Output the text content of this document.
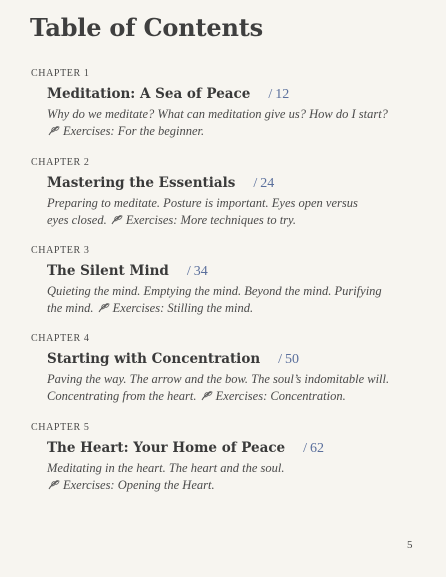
Table of Contents
CHAPTER 1
Meditation: A Sea of Peace / 12
Why do we meditate? What can meditation give us? How do I start?

Exercises: For the beginner.
CHAPTER 2
Mastering the Essentials / 24
Preparing to meditate. Posture is important. Eyes open versus
eyes closed. Exercises: More techniques to try.
CHAPTER 3
The Silent Mind / 34
Quieting the mind. Emptying the mind. Beyond the mind. Purifying
the mind. Exercises: Stilling the mind.
CHAPTER 4
Starting with Concentration / 50
Paving the way. The arrow and the bow. The soul’s indomitable will.
Concentrating from the heart. Exercises: Concentration.
CHAPTER 5
The Heart: Your Home of Peace / 62
Meditating in the heart. The heart and the soul.

Exercises: Opening the Heart.
5
